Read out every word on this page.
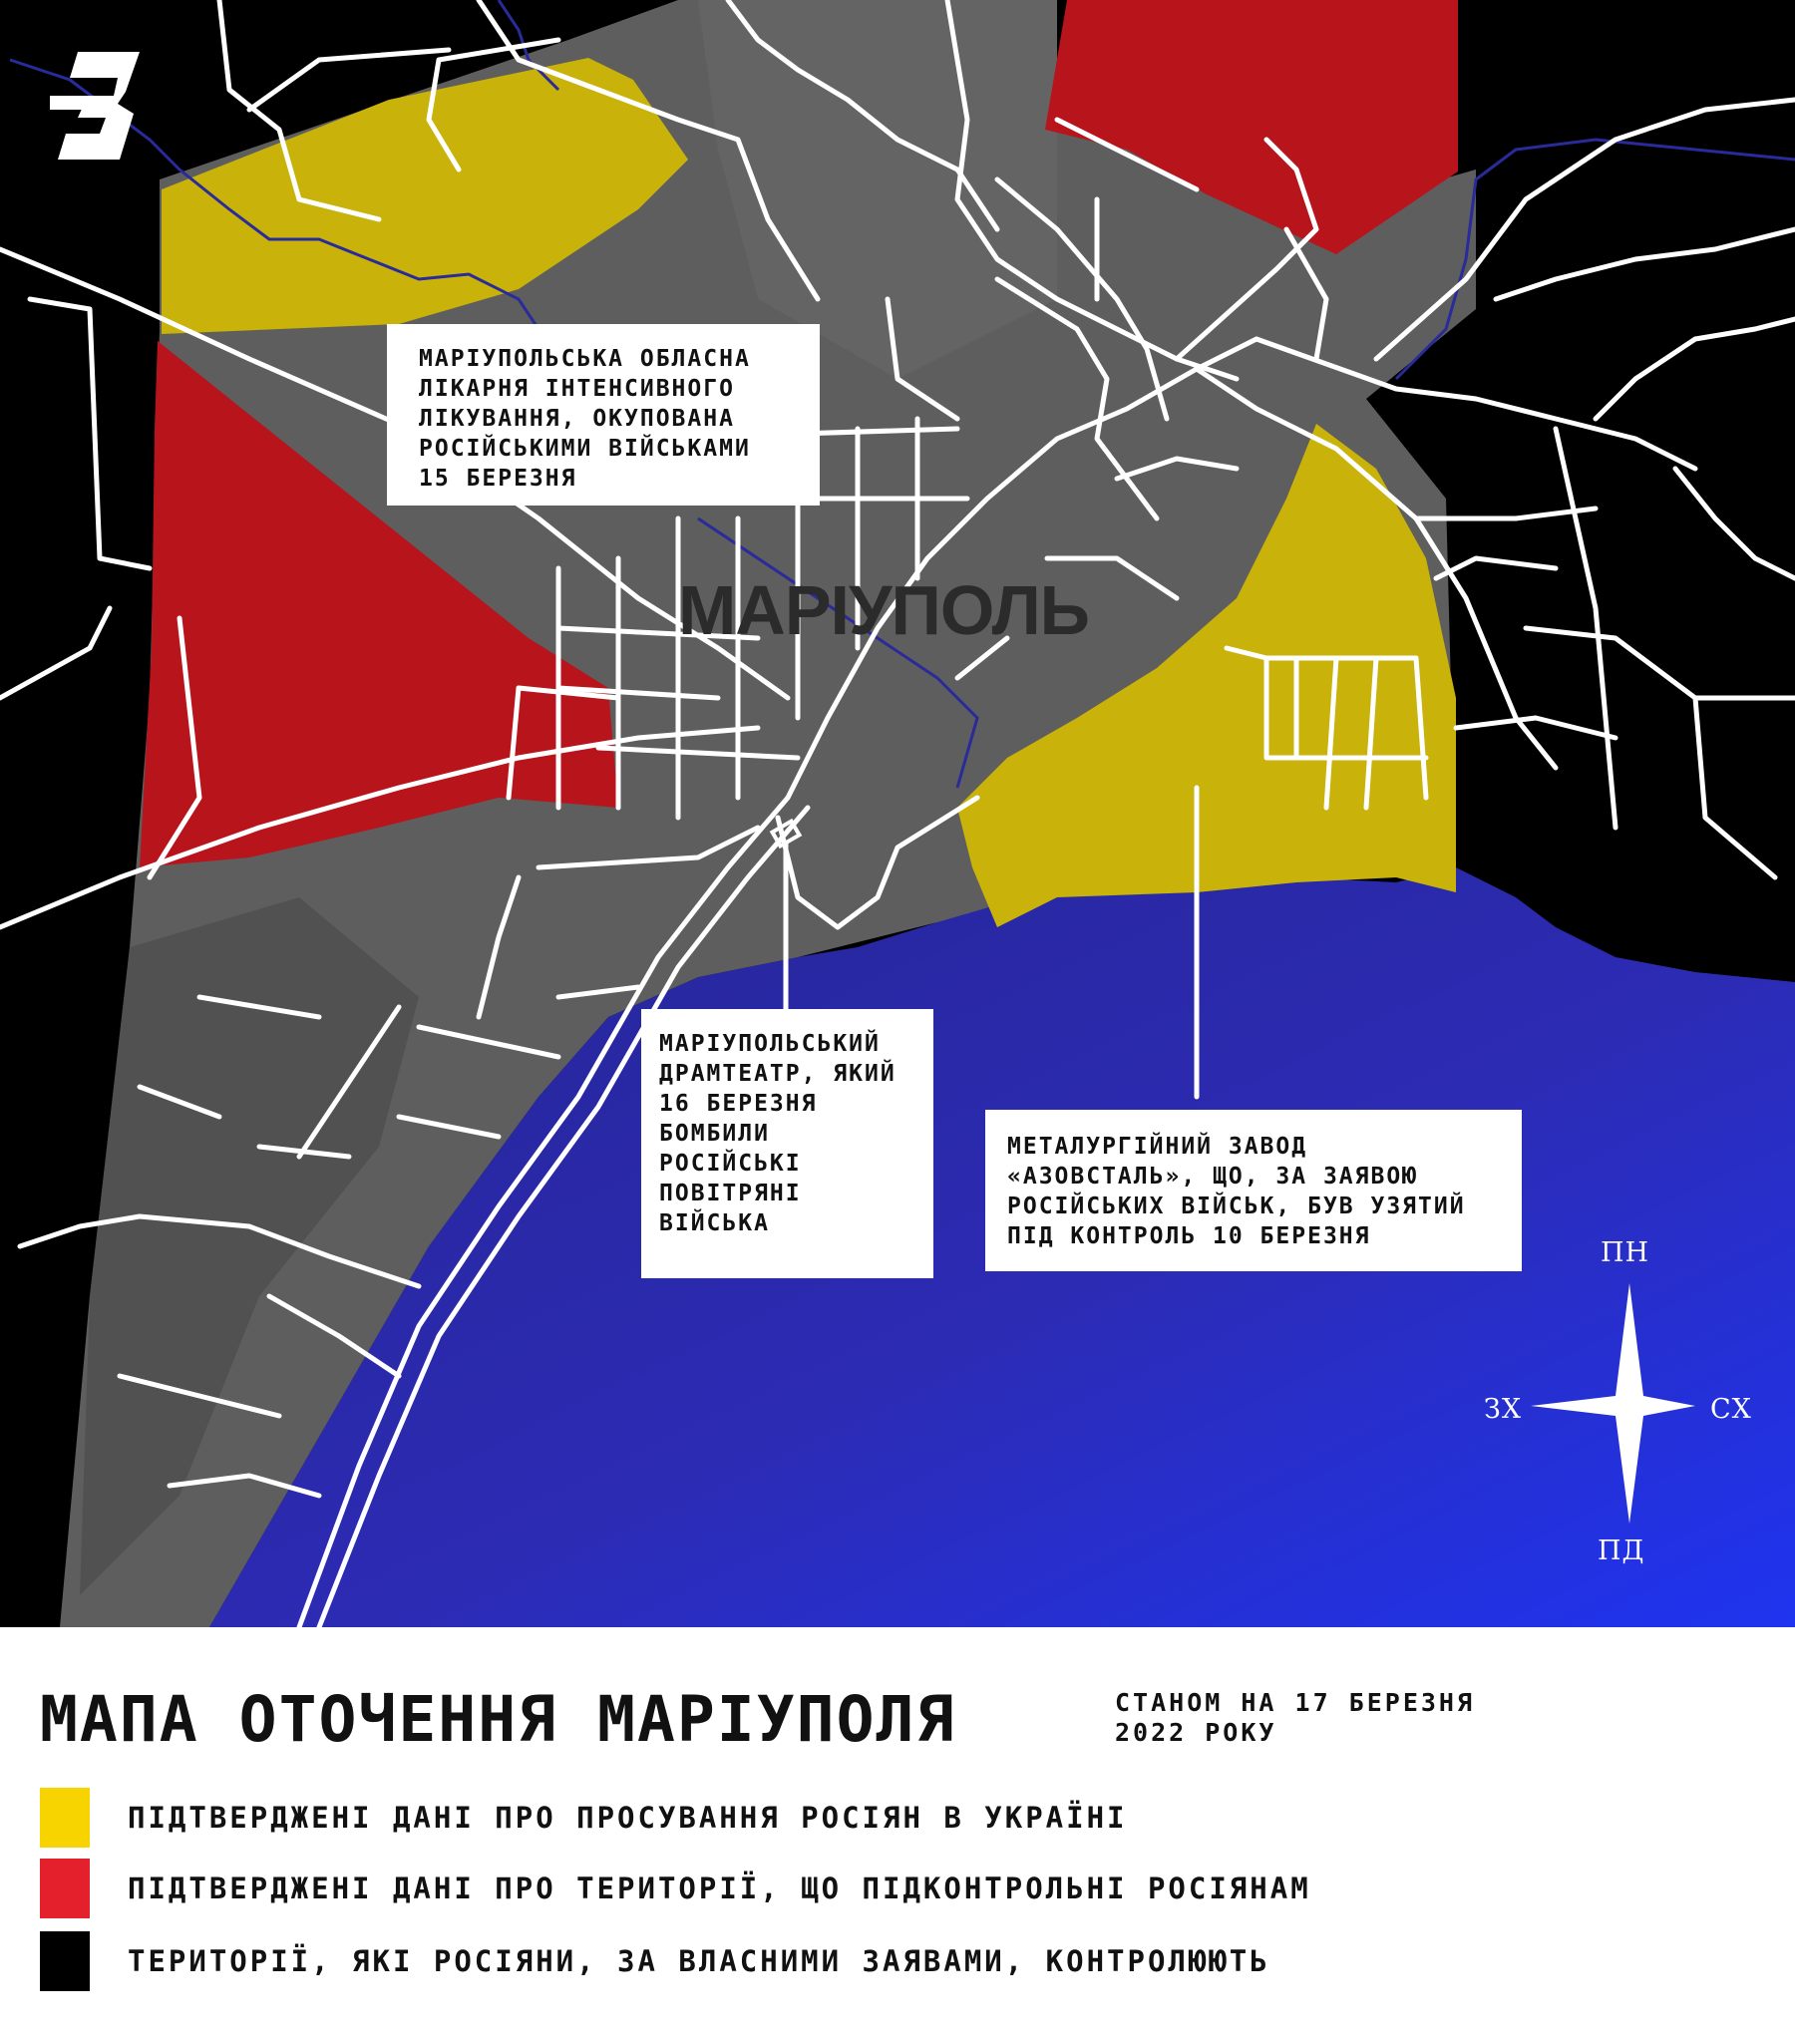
МАРІУПОЛЬ
МАРІУПОЛЬСЬКА ОБЛАСНА
ЛІКАРНЯ ІНТЕНСИВНОГО
ЛІКУВАННЯ, ОКУПОВАНА
РОСІЙСЬКИМИ ВІЙСЬКАМИ
15 БЕРЕЗНЯ
МАРІУПОЛЬСЬКИЙ
ДРАМТЕАТР, ЯКИЙ
16 БЕРЕЗНЯ
БОМБИЛИ
РОСІЙСЬКІ
ПОВІТРЯНІ
ВІЙСЬКА
МЕТАЛУРГІЙНИЙ ЗАВОД
«АЗОВСТАЛЬ», ЩО, ЗА ЗАЯВОЮ
РОСІЙСЬКИХ ВІЙСЬК, БУВ УЗЯТИЙ
ПІД КОНТРОЛЬ 10 БЕРЕЗНЯ
ПН
ПД
ЗХ	СХ
МАПА ОТОЧЕННЯ МАРІУПОЛЯ	СТАНОМ НА 17 БЕРЕЗНЯ
2022 РОКУ
ПІДТВЕРДЖЕНІ ДАНІ ПРО ПРОСУВАННЯ РОСІЯН В УКРАЇНІ
ПІДТВЕРДЖЕНІ ДАНІ ПРО ТЕРИТОРІЇ, ЩО ПІДКОНТРОЛЬНІ РОСІЯНАМ
ТЕРИТОРІЇ, ЯКІ РОСІЯНИ, ЗА ВЛАСНИМИ ЗАЯВАМИ, КОНТРОЛЮЮТЬ
